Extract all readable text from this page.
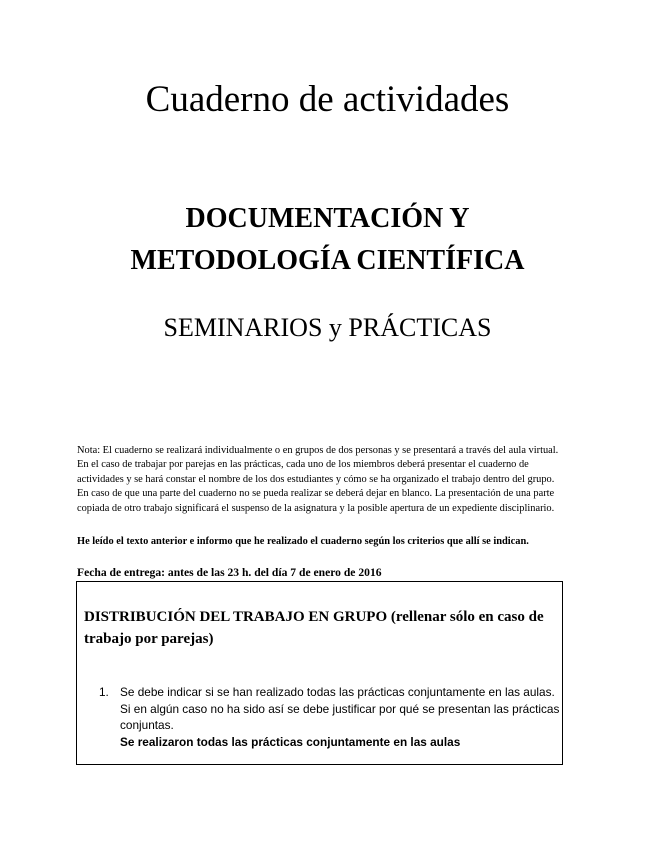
Cuaderno de actividades
DOCUMENTACIÓN Y
METODOLOGÍA CIENTÍFICA
SEMINARIOS y PRÁCTICAS

Nota: El cuaderno se realizará individualmente o en grupos de dos personas y se presentará a través del aula virtual.
En el caso de trabajar por parejas en las prácticas, cada uno de los miembros deberá presentar el cuaderno de
actividades y se hará constar el nombre de los dos estudiantes y cómo se ha organizado el trabajo dentro del grupo.
En caso de que una parte del cuaderno no se pueda realizar se deberá dejar en blanco. La presentación de una parte
copiada de otro trabajo significará el suspenso de la asignatura y la posible apertura de un expediente disciplinario.

He leído el texto anterior e informo que he realizado el cuaderno según los criterios que allí se indican.

Fecha de entrega: antes de las 23 h. del día 7 de enero de 2016

DISTRIBUCIÓN DEL TRABAJO EN GRUPO (rellenar sólo en caso de
trabajo por parejas)

1. Se debe indicar si se han realizado todas las prácticas conjuntamente en las aulas.
Si en algún caso no ha sido así se debe justificar por qué se presentan las prácticas
conjuntas.
Se realizaron todas las prácticas conjuntamente en las aulas
